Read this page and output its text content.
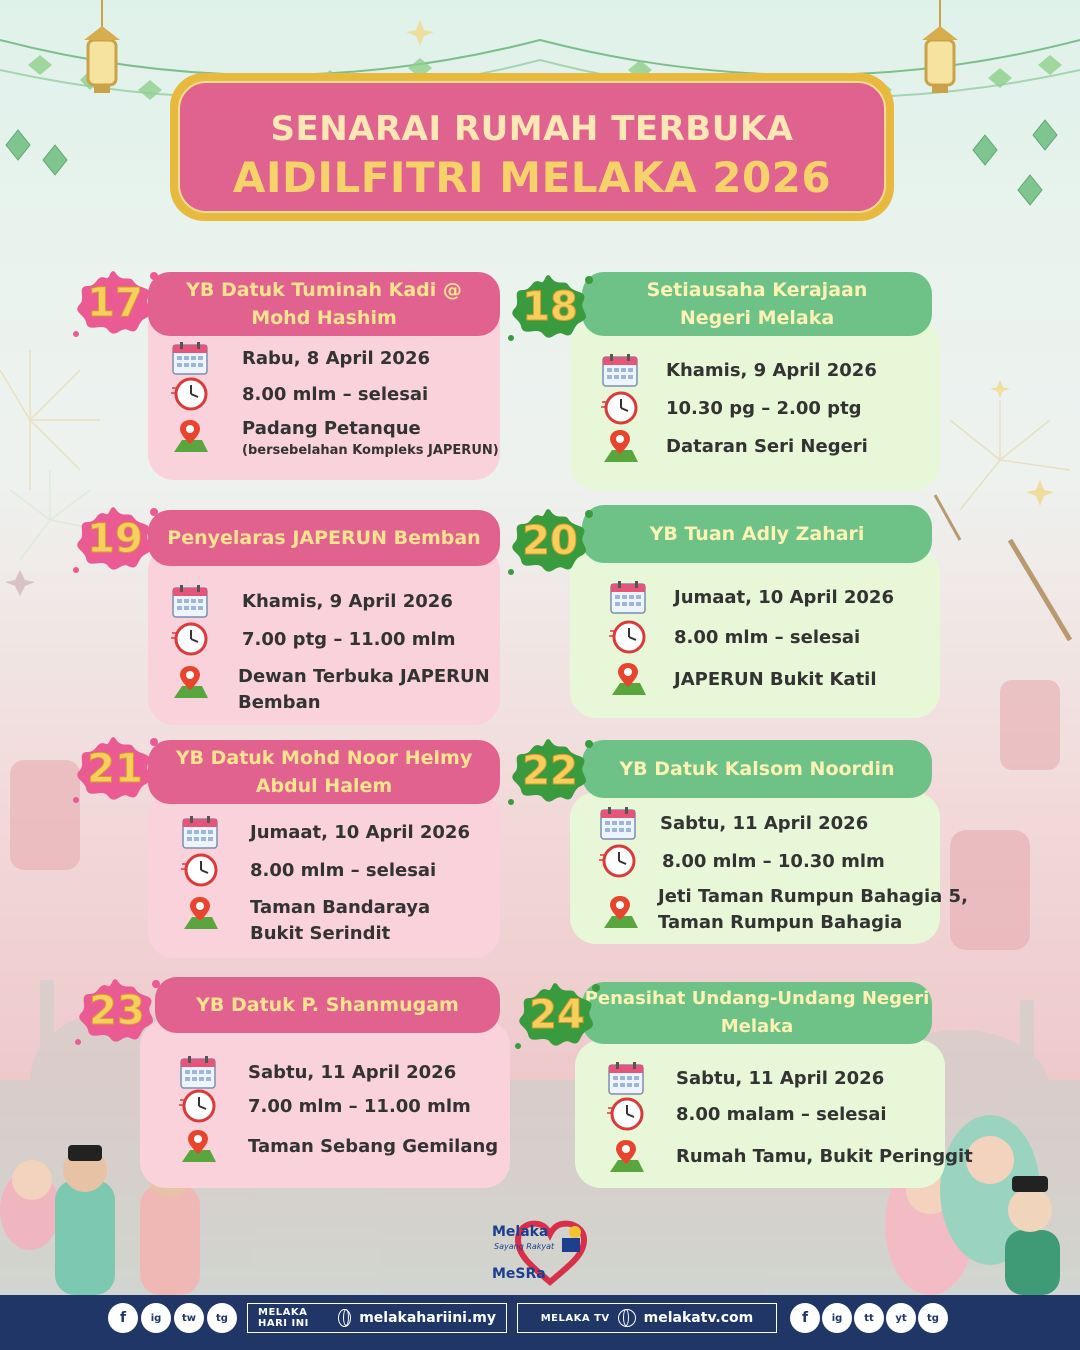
SENARAI RUMAH TERBUKA
AIDILFITRI MELAKA 2026
YB Datuk Tuminah Kadi @
Mohd Hashim
17
Rabu, 8 April 2026
8.00 mlm – selesai
Padang Petanque
(bersebelahan Kompleks JAPERUN)
Setiausaha Kerajaan
Negeri Melaka
18
Khamis, 9 April 2026
10.30 pg – 2.00 ptg
Dataran Seri Negeri
Penyelaras JAPERUN Bemban
19
Khamis, 9 April 2026
7.00 ptg – 11.00 mlm
Dewan Terbuka JAPERUN
Bemban
YB Tuan Adly Zahari
20
Jumaat, 10 April 2026
8.00 mlm – selesai
JAPERUN Bukit Katil
YB Datuk Mohd Noor Helmy
Abdul Halem
21
Jumaat, 10 April 2026
8.00 mlm – selesai
Taman Bandaraya
Bukit Serindit
YB Datuk Kalsom Noordin
22
Sabtu, 11 April 2026
8.00 mlm – 10.30 mlm
Jeti Taman Rumpun Bahagia 5,
Taman Rumpun Bahagia
YB Datuk P. Shanmugam
23
Sabtu, 11 April 2026
7.00 mlm – 11.00 mlm
Taman Sebang Gemilang
Penasihat Undang-Undang Negeri
Melaka
24
Sabtu, 11 April 2026
8.00 malam – selesai
Rumah Tamu, Bukit Peringgit
Melaka
Sayang Rakyat
MeSRa
f	ig	tw	tg	MELAKA HARI INI	melakahariini.my	MELAKA TV melakatv.com	f	ig	tt	yt	tg
